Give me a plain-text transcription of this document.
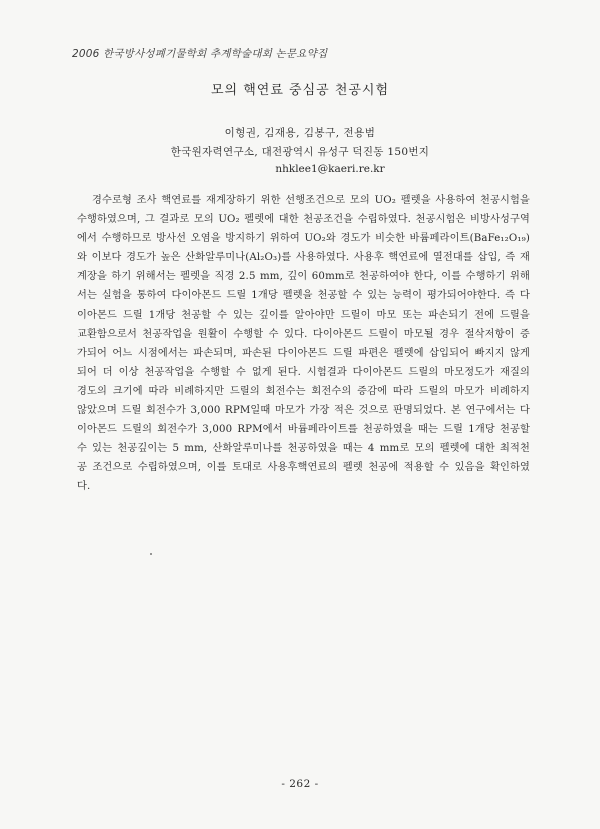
2006 한국방사성폐기물학회 추계학술대회 논문요약집
모의 핵연료 중심공 천공시험
이형권, 김재용, 김봉구, 전용범
한국원자력연구소, 대전광역시 유성구 덕진동 150번지
nhklee1@kaeri.re.kr
경수로형 조사 핵연료를 재계장하기 위한 선행조건으로 모의 UO₂ 펠렛을 사용하여 천공시험을
수행하였으며, 그 결과로 모의 UO₂ 펠렛에 대한 천공조건을 수립하였다. 천공시험은 비방사성구역
에서 수행하므로 방사선 오염을 방지하기 위하여 UO₂와 경도가 비슷한 바륨페라이트(BaFe₁₂O₁₉)
와 이보다 경도가 높은 산화알루미나(Al₂O₃)를 사용하였다. 사용후 핵연료에 열전대를 삽입, 즉 재
계장을 하기 위해서는 펠렛을 직경 2.5 mm, 깊이 60mm로 천공하여야 한다, 이를 수행하기 위해
서는 실험을 통하여 다이아몬드 드릴 1개당 펠렛을 천공할 수 있는 능력이 평가되어야한다. 즉 다
이아몬드 드릴 1개당 천공할 수 있는 깊이를 알아야만 드릴이 마모 또는 파손되기 전에 드릴을
교환함으로서 천공작업을 원활이 수행할 수 있다. 다이아몬드 드릴이 마모될 경우 절삭저항이 증
가되어 어느 시점에서는 파손되며, 파손된 다이아몬드 드릴 파편은 펠렛에 삽입되어 빠지지 않게
되어 더 이상 천공작업을 수행할 수 없게 된다. 시험결과 다이아몬드 드릴의 마모정도가 재질의
경도의 크기에 따라 비례하지만 드릴의 회전수는 회전수의 증감에 따라 드릴의 마모가 비례하지
않았으며 드릴 회전수가 3,000 RPM일때 마모가 가장 적은 것으로 판명되었다. 본 연구에서는 다
이아몬드 드릴의 회전수가 3,000 RPM에서 바륨페라이트를 천공하였을 때는 드릴 1개당 천공할
수 있는 천공깊이는 5 mm, 산화알루미나를 천공하였을 때는 4 mm로 모의 펠렛에 대한 최적천
공 조건으로 수립하였으며, 이를 토대로 사용후핵연료의 펠렛 천공에 적용할 수 있음을 확인하였
다.
- 262 -
